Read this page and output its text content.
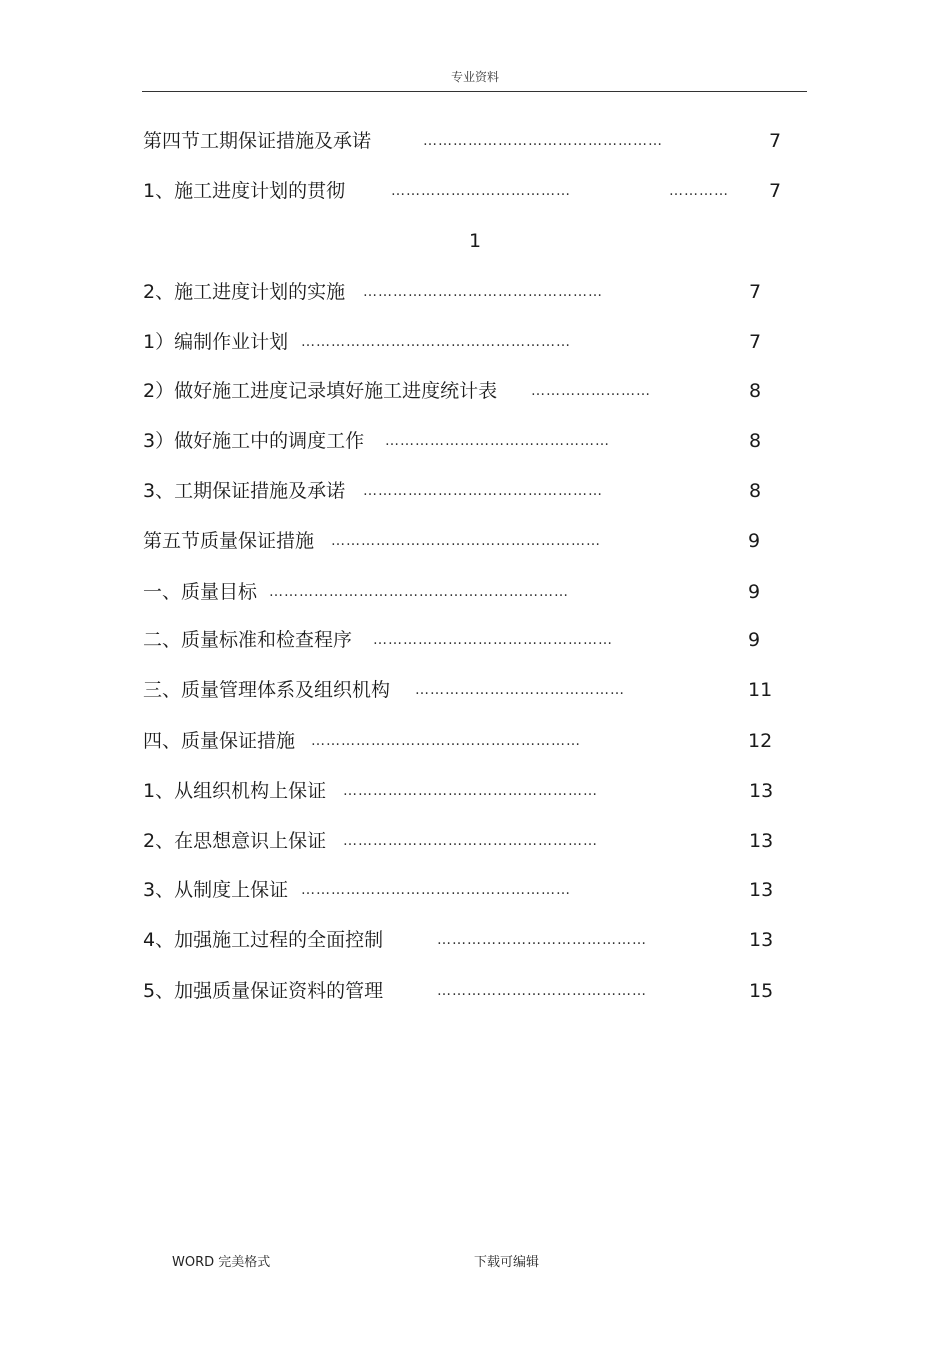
专业资料
第四节工期保证措施及承诺	…………………………………………	7
1、施工进度计划的贯彻	………………………………	…………	7
1
2、施工进度计划的实施 …………………………………………	7
1）编制作业计划 ………………………………………………	7
2）做好施工进度记录填好施工进度统计表 ……………………	8
3）做好施工中的调度工作 ………………………………………	8
3、工期保证措施及承诺 …………………………………………	8
第五节质量保证措施 ………………………………………………	9
一、质量目标 ……………………………………………………	9
二、质量标准和检查程序 …………………………………………	9
三、质量管理体系及组织机构 ……………………………………	11
四、质量保证措施 ………………………………………………	12
1、从组织机构上保证 ……………………………………………	13
2、在思想意识上保证 ……………………………………………	13
3、从制度上保证 ………………………………………………	13
4、加强施工过程的全面控制	……………………………………	13
5、加强质量保证资料的管理	……………………………………	15
WORD 完美格式	下载可编辑
